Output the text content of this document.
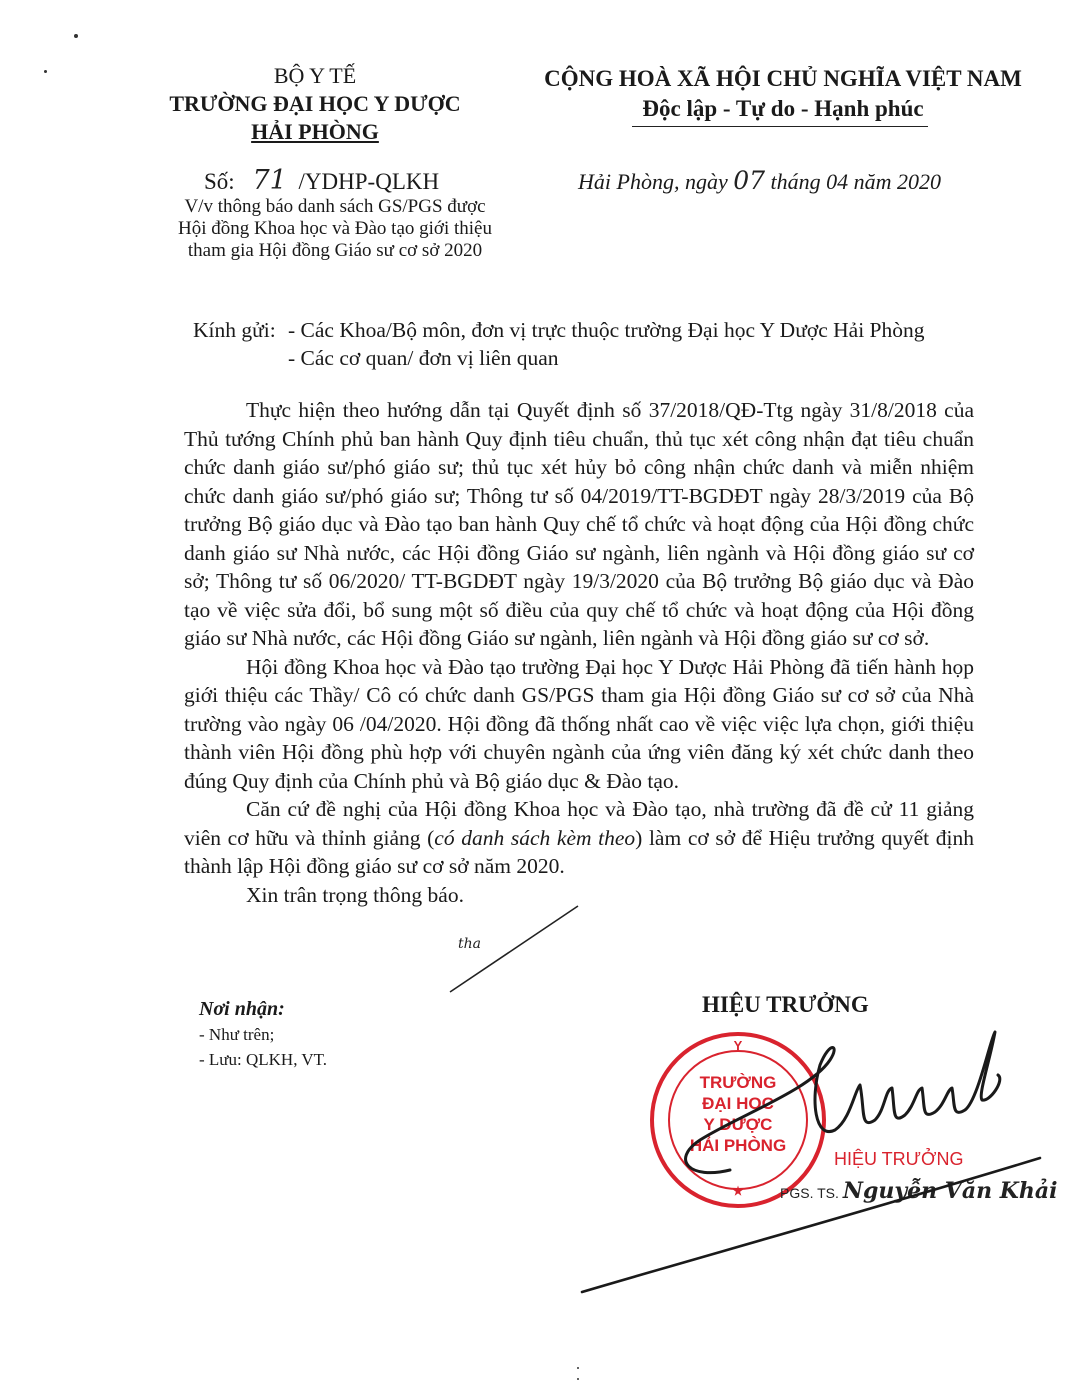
BỘ Y TẾ
TRƯỜNG ĐẠI HỌC Y DƯỢC
HẢI PHÒNG
CỘNG HOÀ XÃ HỘI CHỦ NGHĨA VIỆT NAM
Độc lập - Tự do - Hạnh phúc
Số: 71 /YDHP-QLKH
V/v thông báo danh sách GS/PGS được
Hội đồng Khoa học và Đào tạo giới thiệu
tham gia Hội đồng Giáo sư cơ sở 2020
Hải Phòng, ngày 07 tháng 04 năm 2020
Kính gửi: - Các Khoa/Bộ môn, đơn vị trực thuộc trường Đại học Y Dược Hải Phòng
- Các cơ quan/ đơn vị liên quan

Thực hiện theo hướng dẫn tại Quyết định số 37/2018/QĐ-Ttg ngày 31/8/2018 của Thủ tướng Chính phủ ban hành Quy định tiêu chuẩn, thủ tục xét công nhận đạt tiêu chuẩn chức danh giáo sư/phó giáo sư; thủ tục xét hủy bỏ công nhận chức danh và miễn nhiệm chức danh giáo sư/phó giáo sư; Thông tư số 04/2019/TT-BGDĐT ngày 28/3/2019 của Bộ trưởng Bộ giáo dục và Đào tạo ban hành Quy chế tổ chức và hoạt động của Hội đồng chức danh giáo sư Nhà nước, các Hội đồng Giáo sư ngành, liên ngành và Hội đồng giáo sư cơ sở; Thông tư số 06/2020/ TT-BGDĐT ngày 19/3/2020 của Bộ trưởng Bộ giáo dục và Đào tạo về việc sửa đổi, bổ sung một số điều của quy chế tổ chức và hoạt động của Hội đồng giáo sư Nhà nước, các Hội đồng Giáo sư ngành, liên ngành và Hội đồng giáo sư cơ sở.

Hội đồng Khoa học và Đào tạo trường Đại học Y Dược Hải Phòng đã tiến hành họp giới thiệu các Thầy/ Cô có chức danh GS/PGS tham gia Hội đồng Giáo sư cơ sở của Nhà trường vào ngày 06 /04/2020. Hội đồng đã thống nhất cao về việc việc lựa chọn, giới thiệu thành viên Hội đồng phù hợp với chuyên ngành của ứng viên đăng ký xét chức danh theo đúng Quy định của Chính phủ và Bộ giáo dục & Đào tạo.

Căn cứ đề nghị của Hội đồng Khoa học và Đào tạo, nhà trường đã đề cử 11 giảng viên cơ hữu và thỉnh giảng (có danh sách kèm theo) làm cơ sở để Hiệu trưởng quyết định thành lập Hội đồng giáo sư cơ sở năm 2020.

Xin trân trọng thông báo.

tha
Nơi nhận:
- Như trên;
- Lưu: QLKH, VT.
HIỆU TRƯỞNG
Y
TRƯỜNG
ĐẠI HỌC
Y DƯỢC
HẢI PHÒNG
★
HIỆU TRƯỞNG
PGS. TS. Nguyễn Văn Khải
